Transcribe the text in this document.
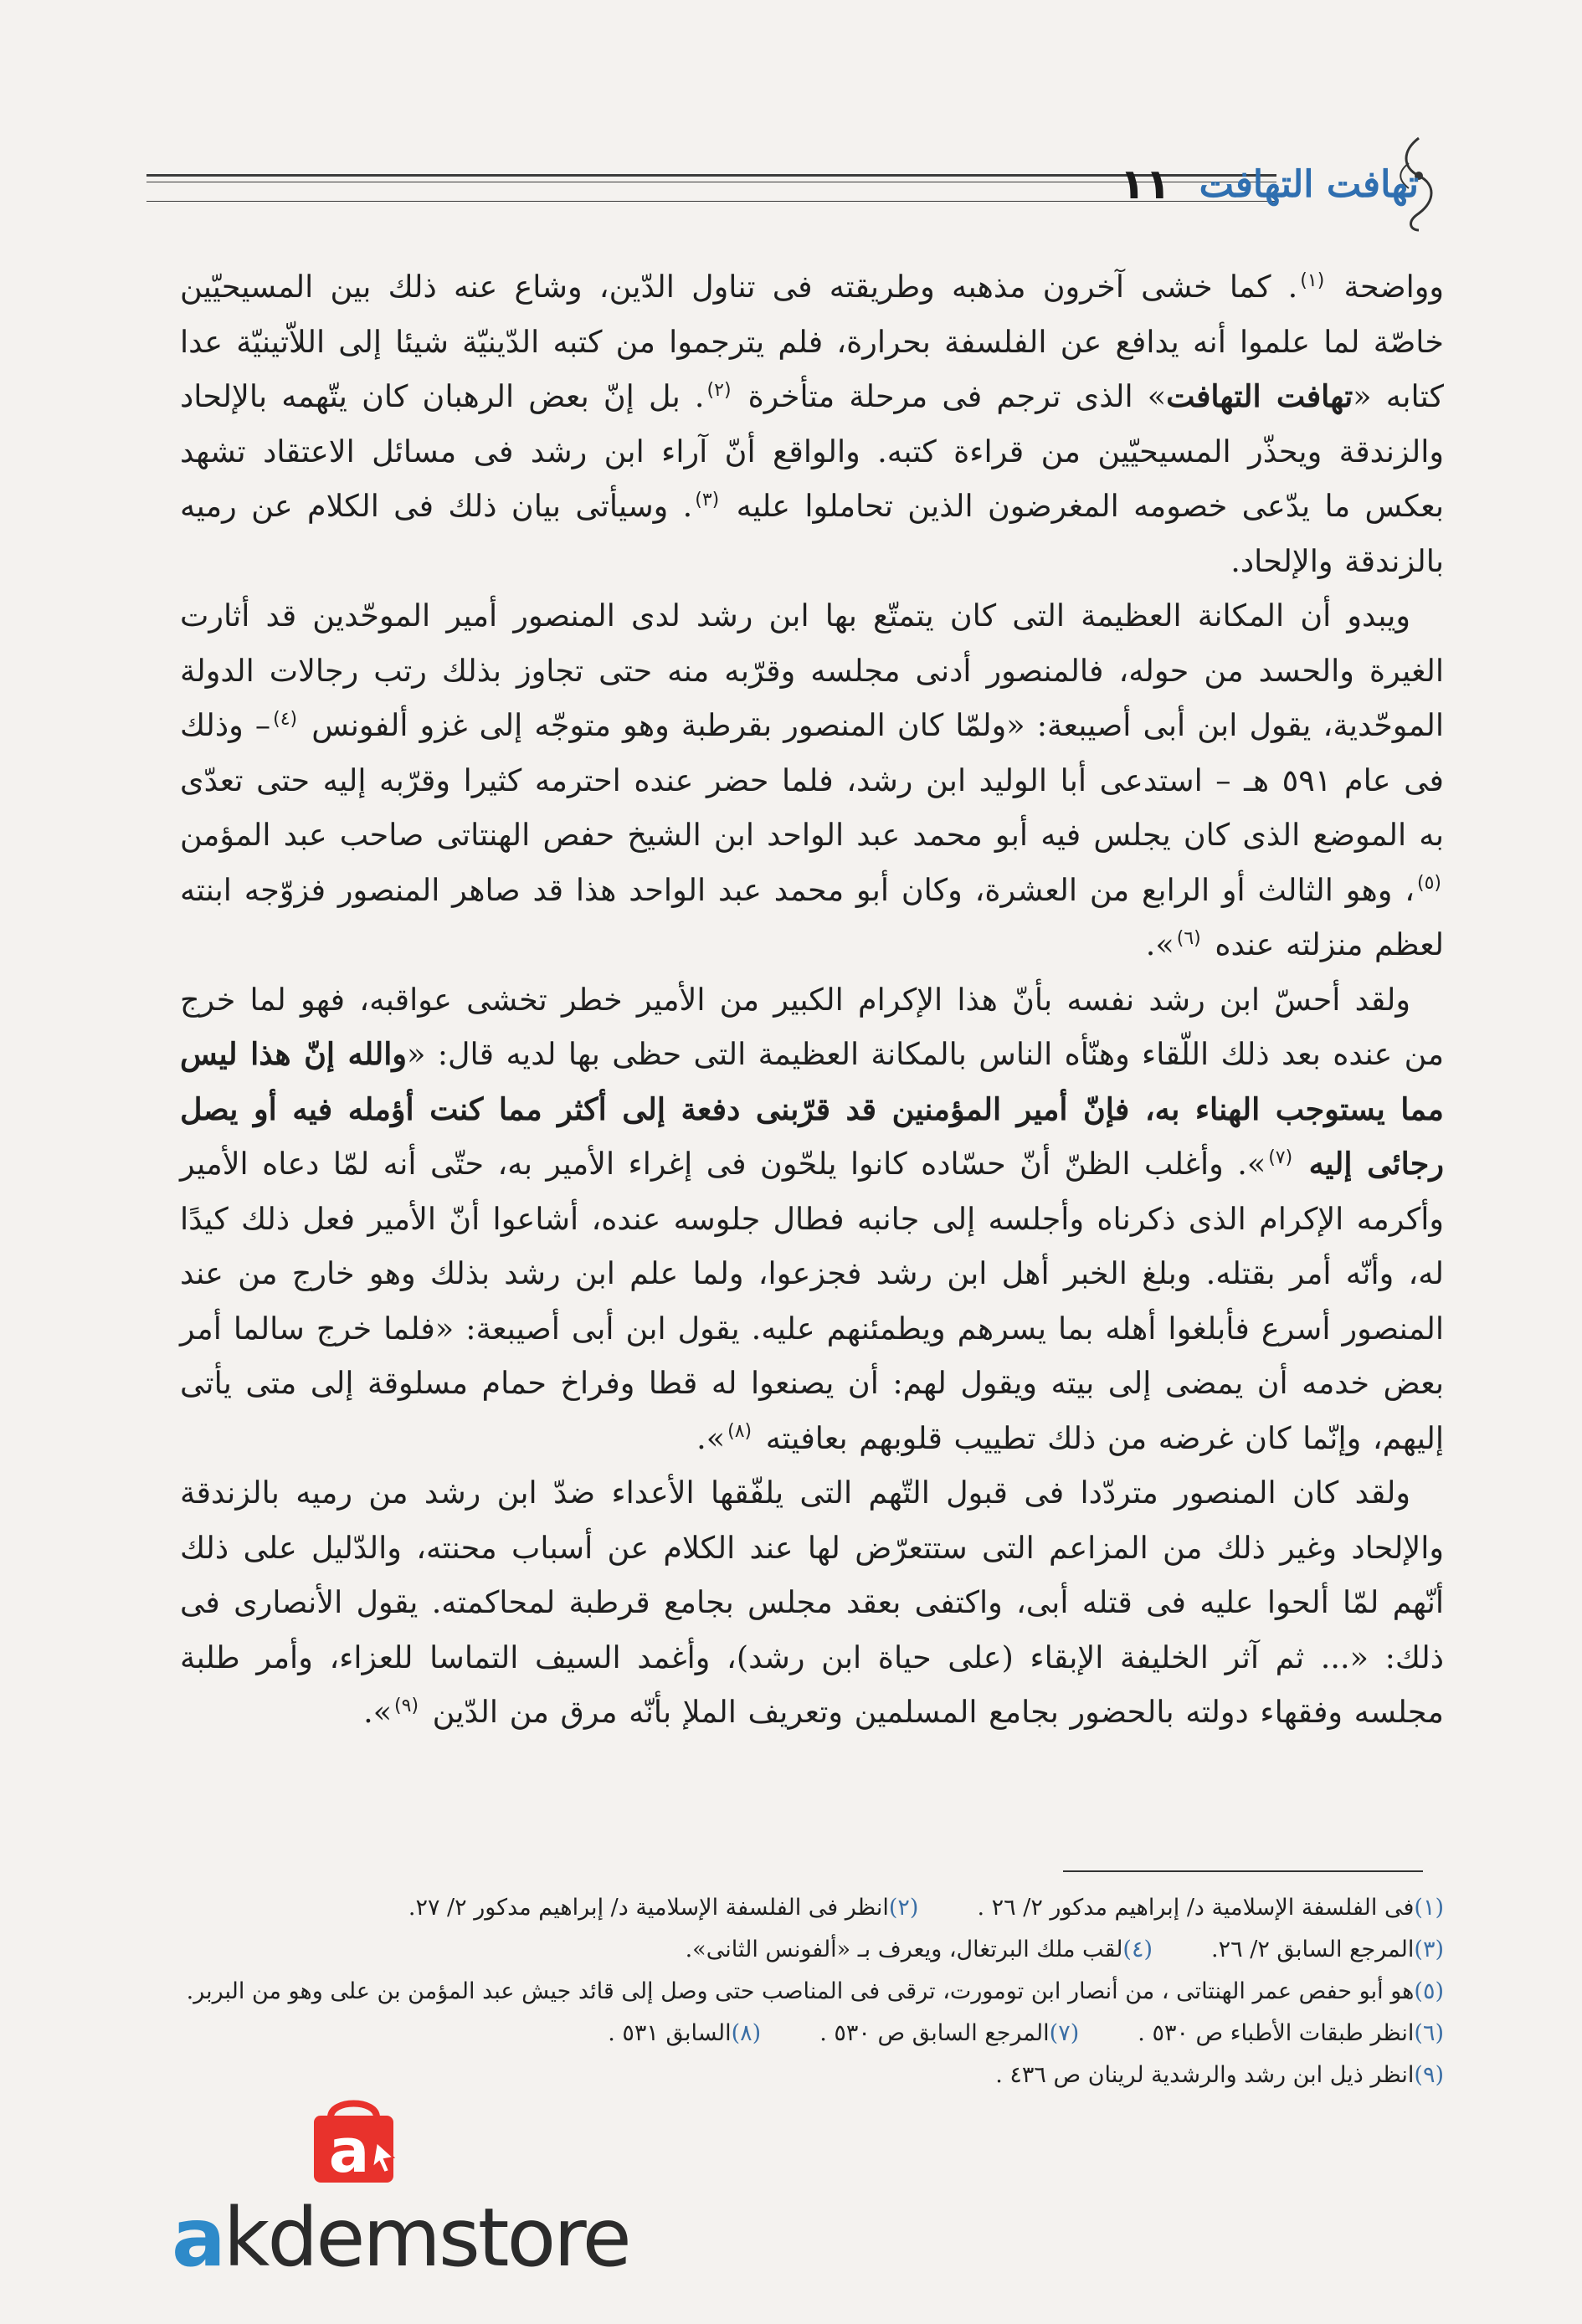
تهافت التهافت
١١

وواضحة $^{(١)}$. كما خشى آخرون مذهبه وطريقته فى تناول الدّين، وشاع عنه ذلك بين المسيحيّين خاصّة لما علموا أنه يدافع عن الفلسفة بحرارة، فلم يترجموا من كتبه الدّينيّة شيئا إلى اللاّتينيّة عدا كتابه «تهافت التهافت» الذى ترجم فى مرحلة متأخرة $^{(٢)}$. بل إنّ بعض الرهبان كان يتّهمه بالإلحاد والزندقة ويحذّر المسيحيّين من قراءة كتبه. والواقع أنّ آراء ابن رشد فى مسائل الاعتقاد تشهد بعكس ما يدّعى خصومه المغرضون الذين تحاملوا عليه $^{(٣)}$. وسيأتى بيان ذلك فى الكلام عن رميه بالزندقة والإلحاد.

ويبدو أن المكانة العظيمة التى كان يتمتّع بها ابن رشد لدى المنصور أمير الموحّدين قد أثارت الغيرة والحسد من حوله، فالمنصور أدنى مجلسه وقرّبه منه حتى تجاوز بذلك رتب رجالات الدولة الموحّدية، يقول ابن أبى أصيبعة: «ولمّا كان المنصور بقرطبة وهو متوجّه إلى غزو ألفونس $^{(٤)}$– وذلك فى عام ٥٩١ هـ – استدعى أبا الوليد ابن رشد، فلما حضر عنده احترمه كثيرا وقرّبه إليه حتى تعدّى به الموضع الذى كان يجلس فيه أبو محمد عبد الواحد ابن الشيخ حفص الهنتاتى صاحب عبد المؤمن $^{(٥)}$، وهو الثالث أو الرابع من العشرة، وكان أبو محمد عبد الواحد هذا قد صاهر المنصور فزوّجه ابنته لعظم منزلته عنده $^{(٦)}$».

ولقد أحسّ ابن رشد نفسه بأنّ هذا الإكرام الكبير من الأمير خطر تخشى عواقبه، فهو لما خرج من عنده بعد ذلك اللّقاء وهنّأه الناس بالمكانة العظيمة التى حظى بها لديه قال: «والله إنّ هذا ليس مما يستوجب الهناء به، فإنّ أمير المؤمنين قد قرّبنى دفعة إلى أكثر مما كنت أؤمله فيه أو يصل رجائى إليه $^{(٧)}$». وأغلب الظنّ أنّ حسّاده كانوا يلحّون فى إغراء الأمير به، حتّى أنه لمّا دعاه الأمير وأكرمه الإكرام الذى ذكرناه وأجلسه إلى جانبه فطال جلوسه عنده، أشاعوا أنّ الأمير فعل ذلك كيدًا له، وأنّه أمر بقتله. وبلغ الخبر أهل ابن رشد فجزعوا، ولما علم ابن رشد بذلك وهو خارج من عند المنصور أسرع فأبلغوا أهله بما يسرهم ويطمئنهم عليه. يقول ابن أبى أصيبعة: «فلما خرج سالما أمر بعض خدمه أن يمضى إلى بيته ويقول لهم: أن يصنعوا له قطا وفراخ حمام مسلوقة إلى متى يأتى إليهم، وإنّما كان غرضه من ذلك تطييب قلوبهم بعافيته $^{(٨)}$».

ولقد كان المنصور متردّدا فى قبول التّهم التى يلفّقها الأعداء ضدّ ابن رشد من رميه بالزندقة والإلحاد وغير ذلك من المزاعم التى ستتعرّض لها عند الكلام عن أسباب محنته، والدّليل على ذلك أنّهم لمّا ألحوا عليه فى قتله أبى، واكتفى بعقد مجلس بجامع قرطبة لمحاكمته. يقول الأنصارى فى ذلك: «... ثم آثر الخليفة الإبقاء (على حياة ابن رشد)، وأغمد السيف التماسا للعزاء، وأمر طلبة مجلسه وفقهاء دولته بالحضور بجامع المسلمين وتعريف الملإ بأنّه مرق من الدّين $^{(٩)}$».

(١)فى الفلسفة الإسلامية د/ إبراهيم مدكور ٢/ ٢٦ .
(٢)انظر فى الفلسفة الإسلامية د/ إبراهيم مدكور ٢/ ٢٧.
(٣)المرجع السابق ٢/ ٢٦.
(٤)لقب ملك البرتغال، ويعرف بـ «ألفونس الثانى».
(٥)هو أبو حفص عمر الهنتاتى ، من أنصار ابن تومورت، ترقى فى المناصب حتى وصل إلى قائد جيش عبد المؤمن بن على وهو من البربر.
(٦)انظر طبقات الأطباء ص ٥٣٠ .
(٧)المرجع السابق ص ٥٣٠ .
(٨)السابق ٥٣١ .
(٩)انظر ذيل ابن رشد والرشدية لرينان ص ٤٣٦ .
a
akdemstore
